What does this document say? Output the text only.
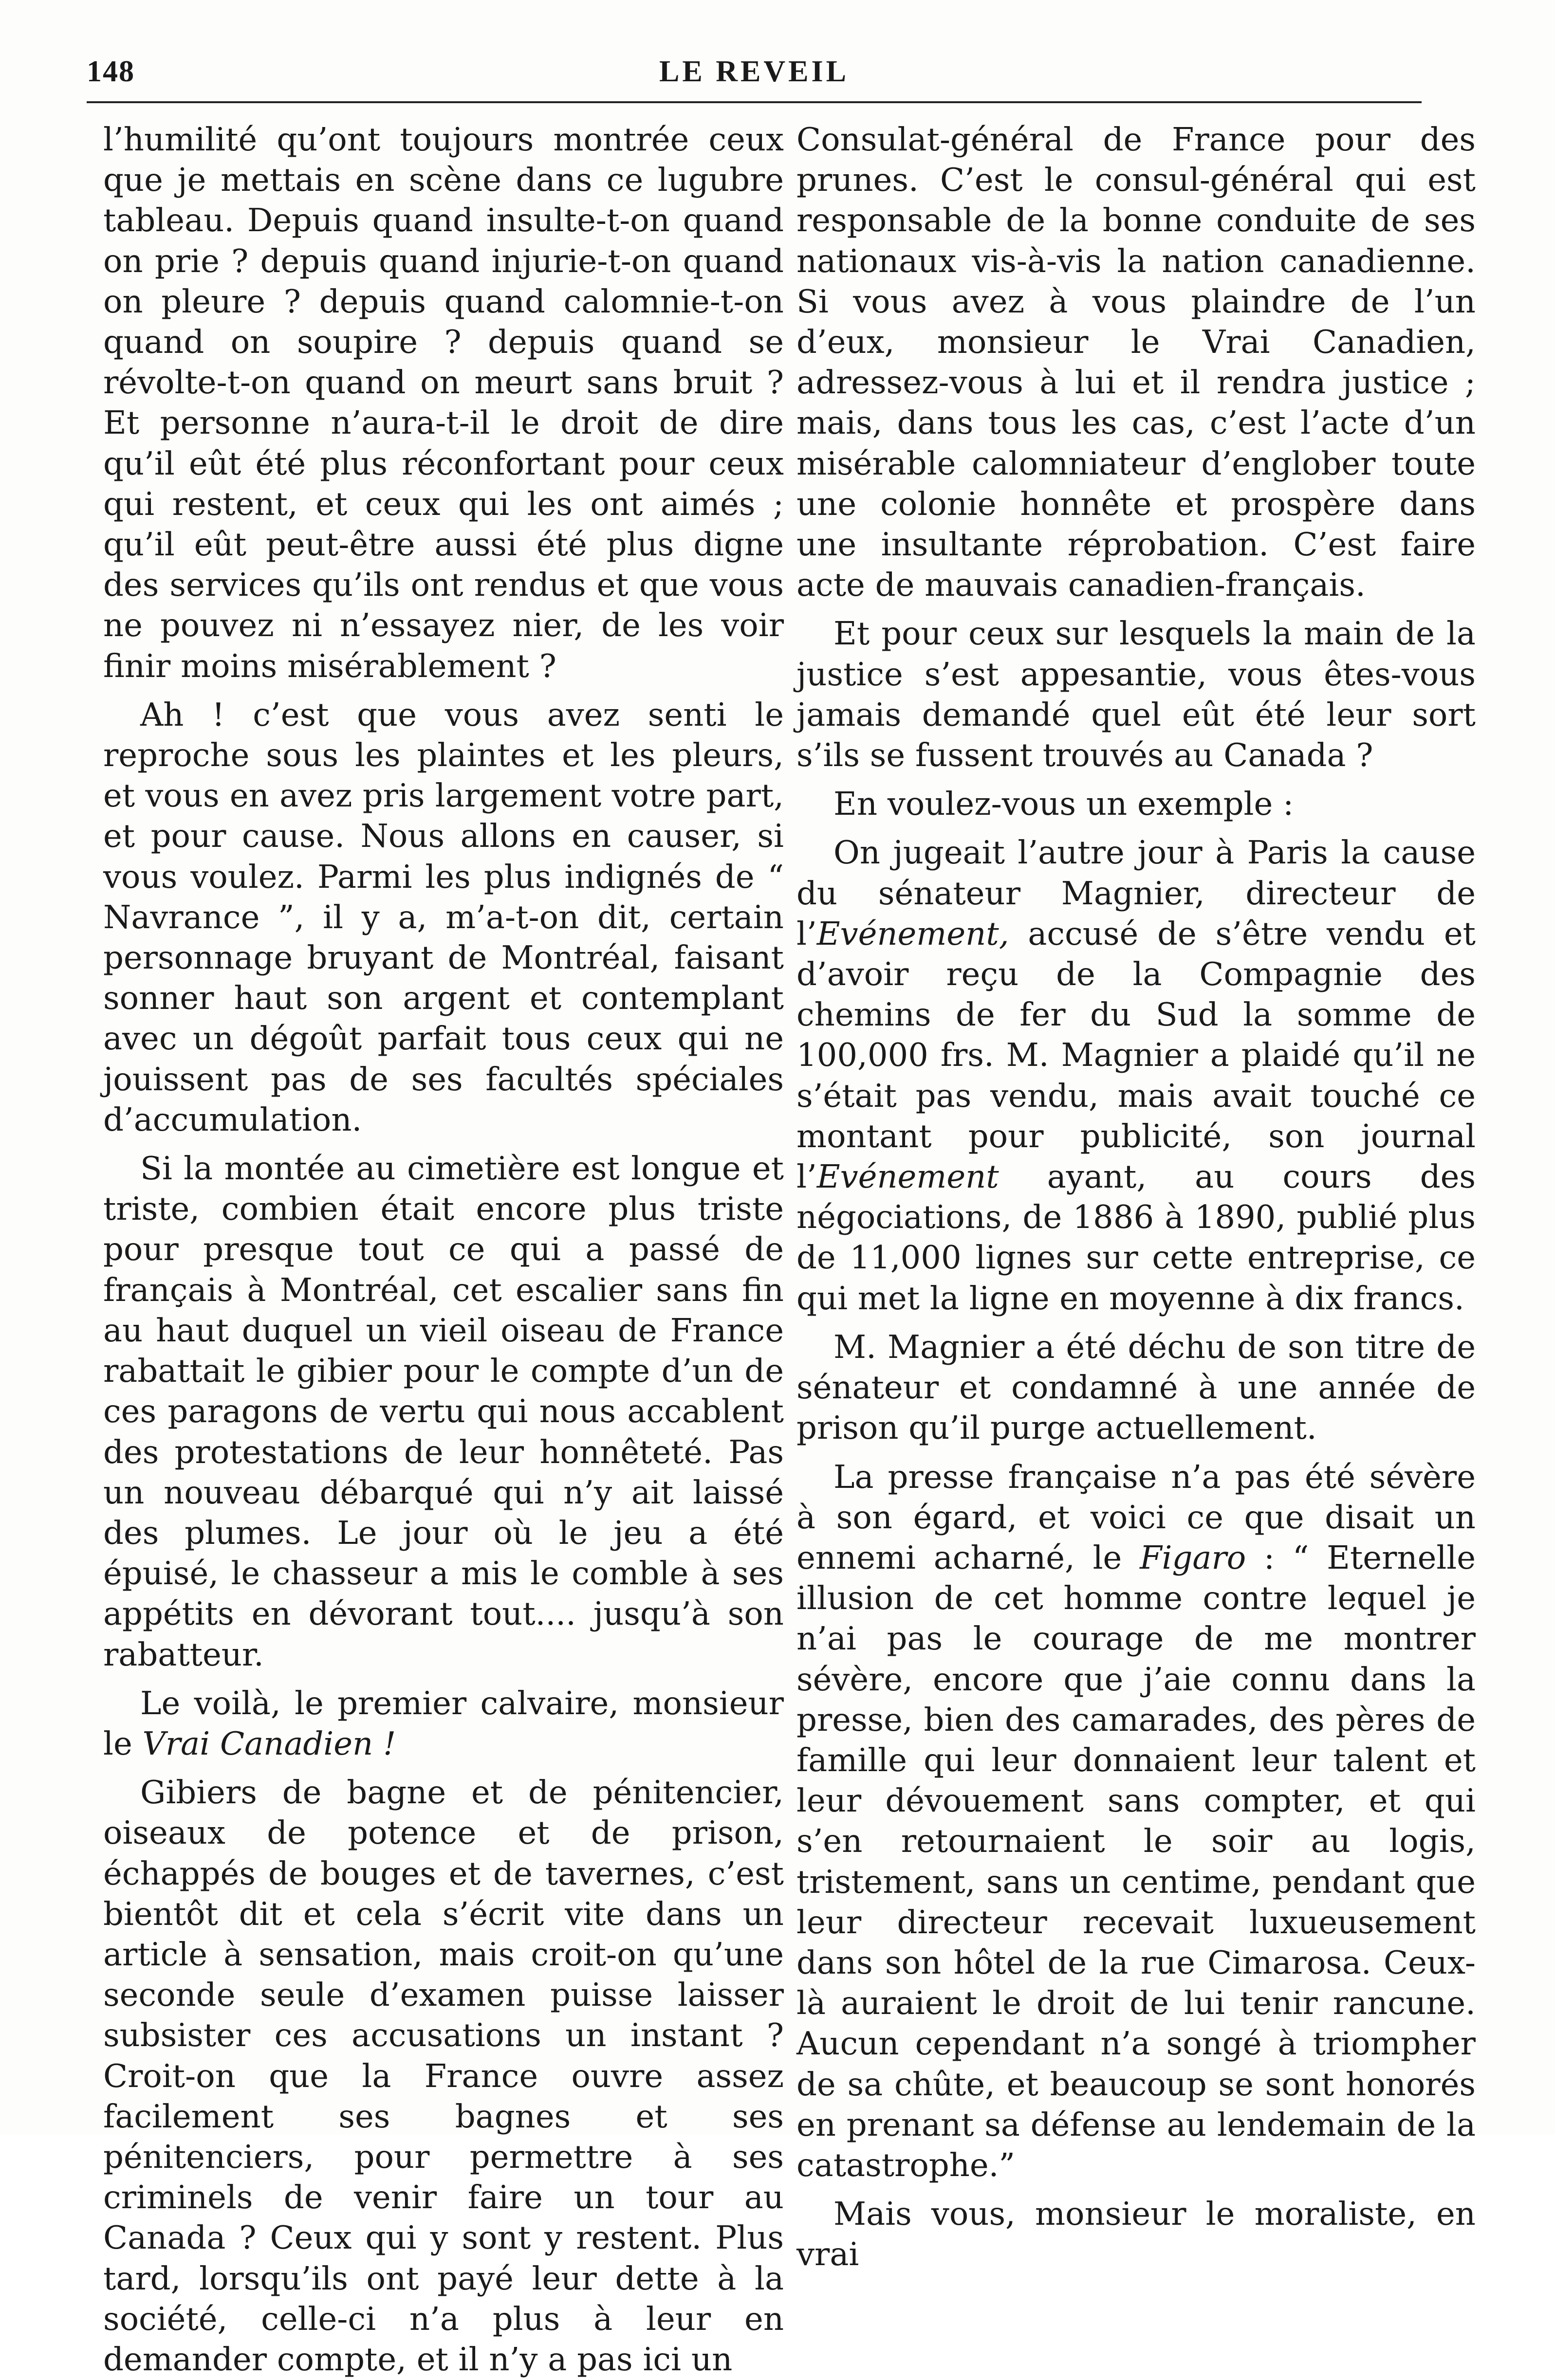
148	LE REVEIL

l’humilité qu’ont toujours montrée ceux que je mettais en scène dans ce lugubre tableau. Depuis quand insulte-t-on quand on prie ? depuis quand injurie-t-on quand on pleure ? depuis quand calomnie-t-on quand on soupire ? depuis quand se révolte-t-on quand on meurt sans bruit ? Et personne n’aura-t-il le droit de dire qu’il eût été plus réconfortant pour ceux qui restent, et ceux qui les ont aimés ; qu’il eût peut-être aussi été plus digne des services qu’ils ont rendus et que vous ne pouvez ni n’essayez nier, de les voir finir moins misérablement ?

Ah ! c’est que vous avez senti le reproche sous les plaintes et les pleurs, et vous en avez pris largement votre part, et pour cause. Nous allons en causer, si vous voulez. Parmi les plus indignés de “ Navrance ”, il y a, m’a-t-on dit, certain personnage bruyant de Montréal, faisant sonner haut son argent et contemplant avec un dégoût parfait tous ceux qui ne jouissent pas de ses facultés spéciales d’accumulation.

Si la montée au cimetière est longue et triste, combien était encore plus triste pour presque tout ce qui a passé de français à Montréal, cet escalier sans fin au haut duquel un vieil oiseau de France rabattait le gibier pour le compte d’un de ces paragons de vertu qui nous accablent des protestations de leur honnêteté. Pas un nouveau débarqué qui n’y ait laissé des plumes. Le jour où le jeu a été épuisé, le chasseur a mis le comble à ses appétits en dévorant tout.... jusqu’à son rabatteur.

Le voilà, le premier calvaire, monsieur le Vrai Canadien !

Gibiers de bagne et de pénitencier, oiseaux de potence et de prison, échappés de bouges et de tavernes, c’est bientôt dit et cela s’écrit vite dans un article à sensation, mais croit-on qu’une seconde seule d’examen puisse laisser subsister ces accusations un instant ? Croit-on que la France ouvre assez facilement ses bagnes et ses pénitenciers, pour permettre à ses criminels de venir faire un tour au Canada ? Ceux qui y sont y restent. Plus tard, lorsqu’ils ont payé leur dette à la société, celle-ci n’a plus à leur en demander compte, et il n’y a pas ici un

Consulat-général de France pour des prunes. C’est le consul-général qui est responsable de la bonne conduite de ses nationaux vis-à-vis la nation canadienne. Si vous avez à vous plaindre de l’un d’eux, monsieur le Vrai Canadien, adressez-vous à lui et il rendra justice ; mais, dans tous les cas, c’est l’acte d’un misérable calomniateur d’englober toute une colonie honnête et prospère dans une insultante réprobation. C’est faire acte de mauvais canadien-français.

Et pour ceux sur lesquels la main de la justice s’est appesantie, vous êtes-vous jamais demandé quel eût été leur sort s’ils se fussent trouvés au Canada ?

En voulez-vous un exemple :

On jugeait l’autre jour à Paris la cause du sénateur Magnier, directeur de l’Evénement, accusé de s’être vendu et d’avoir reçu de la Compagnie des chemins de fer du Sud la somme de 100,000 frs. M. Magnier a plaidé qu’il ne s’était pas vendu, mais avait touché ce montant pour publicité, son journal l’Evénement ayant, au cours des négociations, de 1886 à 1890, publié plus de 11,000 lignes sur cette entreprise, ce qui met la ligne en moyenne à dix francs.

M. Magnier a été déchu de son titre de sénateur et condamné à une année de prison qu’il purge actuellement.

La presse française n’a pas été sévère à son égard, et voici ce que disait un ennemi acharné, le Figaro : “ Eternelle illusion de cet homme contre lequel je n’ai pas le courage de me montrer sévère, encore que j’aie connu dans la presse, bien des camarades, des pères de famille qui leur donnaient leur talent et leur dévouement sans compter, et qui s’en retournaient le soir au logis, tristement, sans un centime, pendant que leur directeur recevait luxueusement dans son hôtel de la rue Cimarosa. Ceux-là auraient le droit de lui tenir rancune. Aucun cependant n’a songé à triompher de sa chûte, et beaucoup se sont honorés en prenant sa défense au lendemain de la catastrophe.”

Mais vous, monsieur le moraliste, en vrai
